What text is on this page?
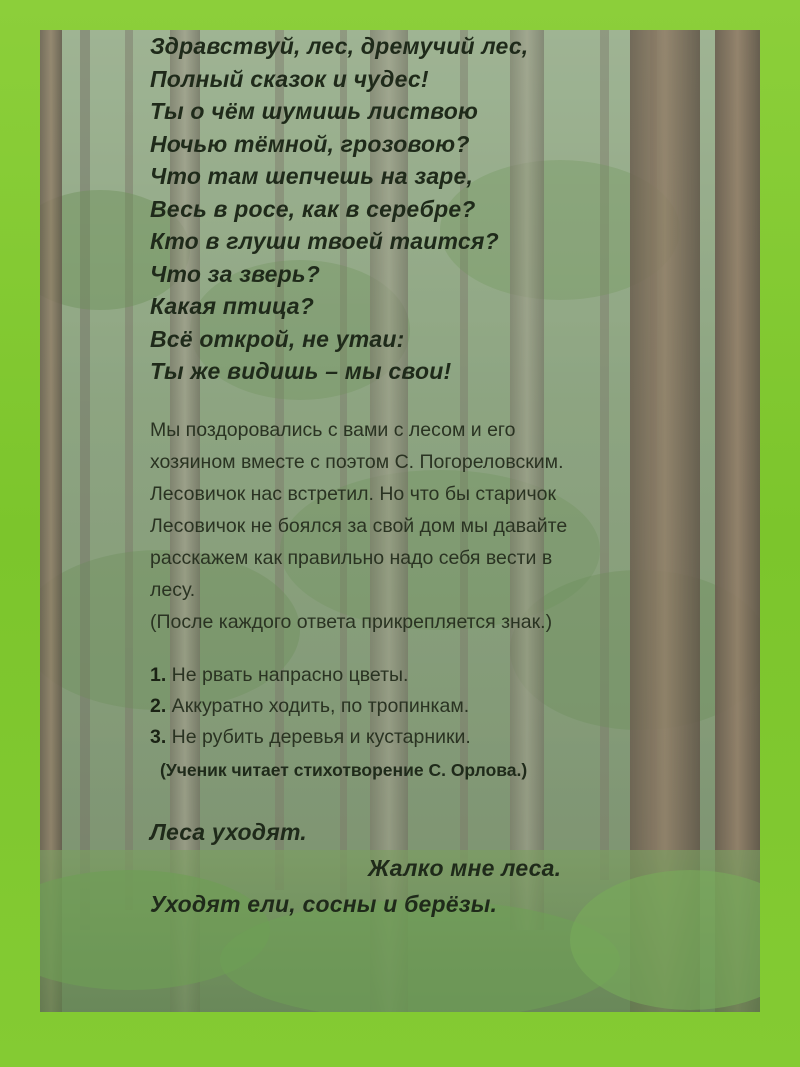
Здравствуй, лес, дремучий лес,
Полный сказок и чудес!
Ты о чём шумишь листвою
Ночью тёмной, грозовою?
Что там шепчешь на заре,
Весь в росе, как в серебре?
Кто в глуши твоей таится?
Что за зверь?
Какая птица?
Всё открой, не утаи:
Ты же видишь – мы свои!

Мы поздоровались с вами с лесом и его

хозяином вместе с поэтом С. Погореловским.

Лесовичок нас встретил. Но что бы старичок

Лесовичок не боялся за свой дом мы давайте

расскажем как правильно надо себя вести в

лесу.

(После каждого ответа прикрепляется знак.)

1. Не рвать напрасно цветы.
2. Аккуратно ходить, по тропинкам.
3. Не рубить деревья и кустарники.
(Ученик читает стихотворение С. Орлова.)
Леса уходят.
Жалко мне леса.
Уходят ели, сосны и берёзы.
